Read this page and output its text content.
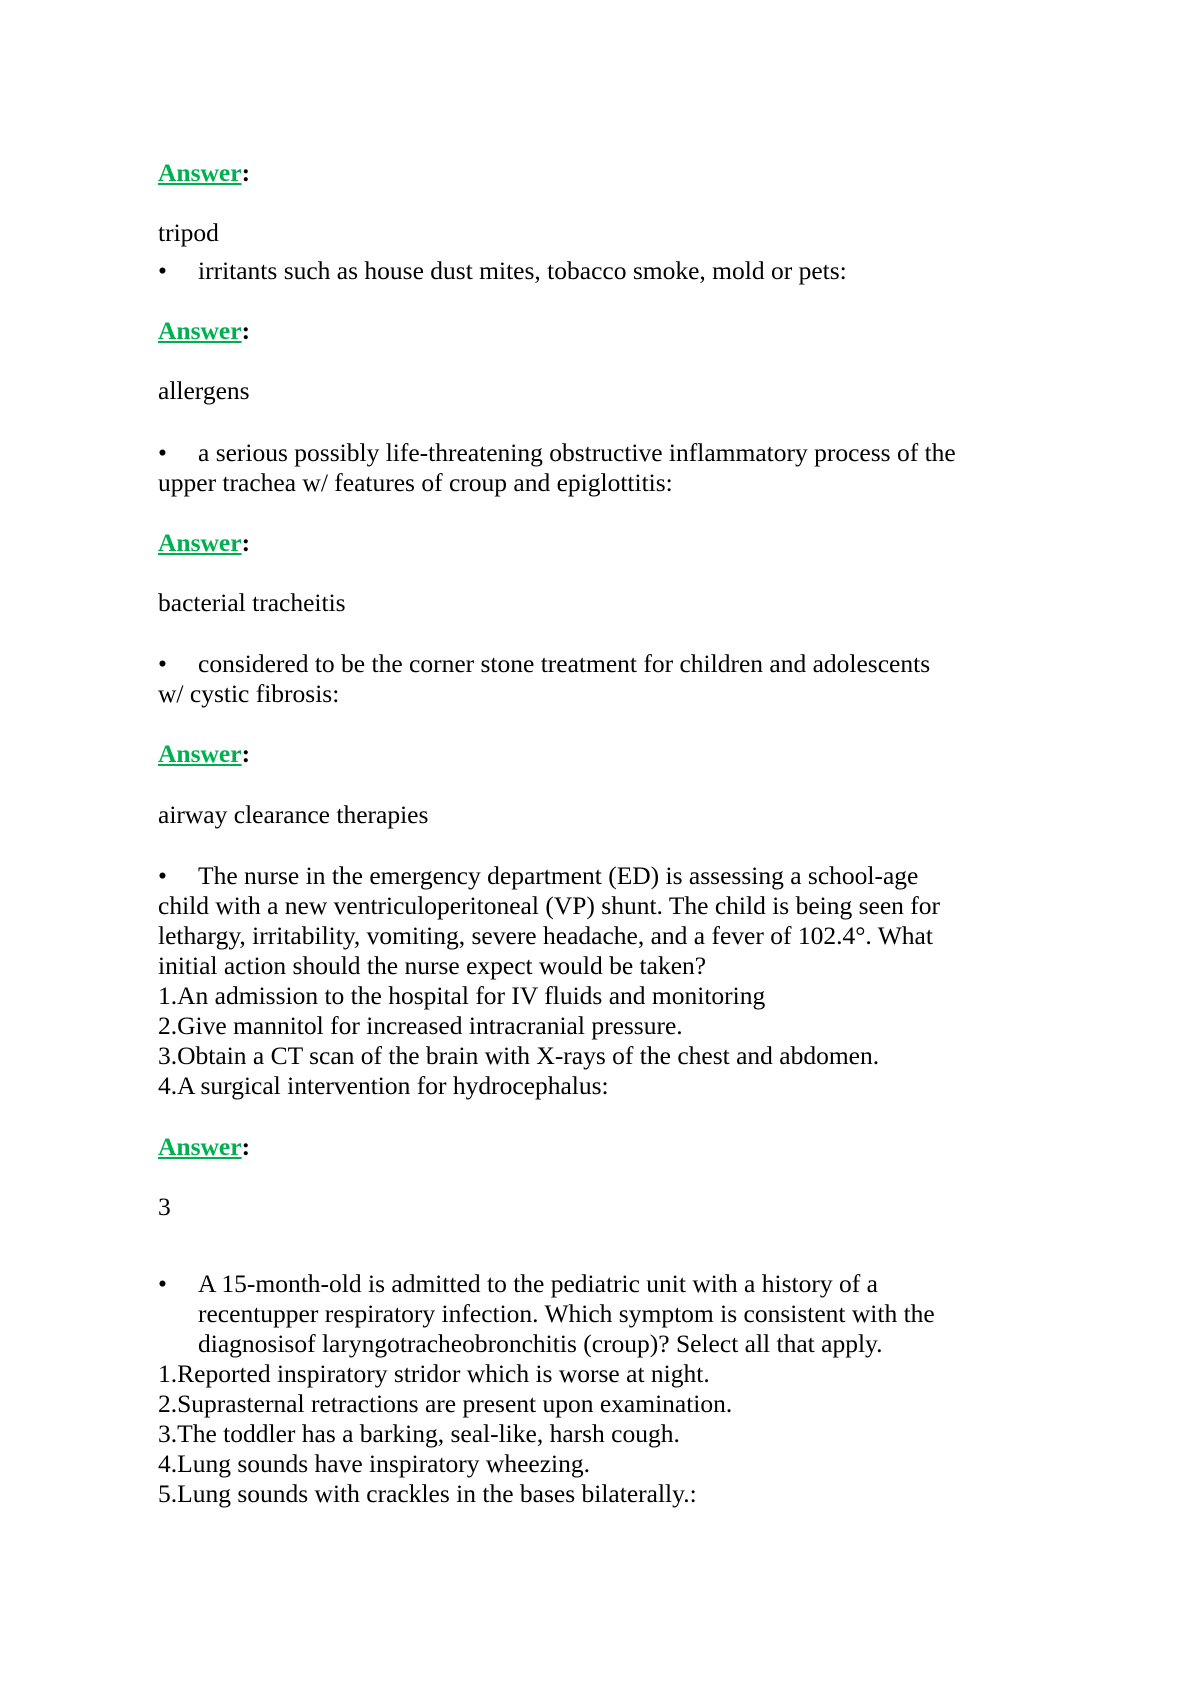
Answer:
tripod
• irritants such as house dust mites, tobacco smoke, mold or pets:
Answer:
allergens
• a serious possibly life-threatening obstructive inflammatory process of the
upper trachea w/ features of croup and epiglottitis:
Answer:
bacterial tracheitis
• considered to be the corner stone treatment for children and adolescents
w/ cystic fibrosis:
Answer:
airway clearance therapies
• The nurse in the emergency department (ED) is assessing a school-age
child with a new ventriculoperitoneal (VP) shunt. The child is being seen for
lethargy, irritability, vomiting, severe headache, and a fever of 102.4°. What
initial action should the nurse expect would be taken?
1.An admission to the hospital for IV fluids and monitoring
2.Give mannitol for increased intracranial pressure.
3.Obtain a CT scan of the brain with X-rays of the chest and abdomen.
4.A surgical intervention for hydrocephalus:
Answer:
3
• A 15-month-old is admitted to the pediatric unit with a history of a
recentupper respiratory infection. Which symptom is consistent with the
diagnosisof laryngotracheobronchitis (croup)? Select all that apply.
1.Reported inspiratory stridor which is worse at night.
2.Suprasternal retractions are present upon examination.
3.The toddler has a barking, seal-like, harsh cough.
4.Lung sounds have inspiratory wheezing.
5.Lung sounds with crackles in the bases bilaterally.:
